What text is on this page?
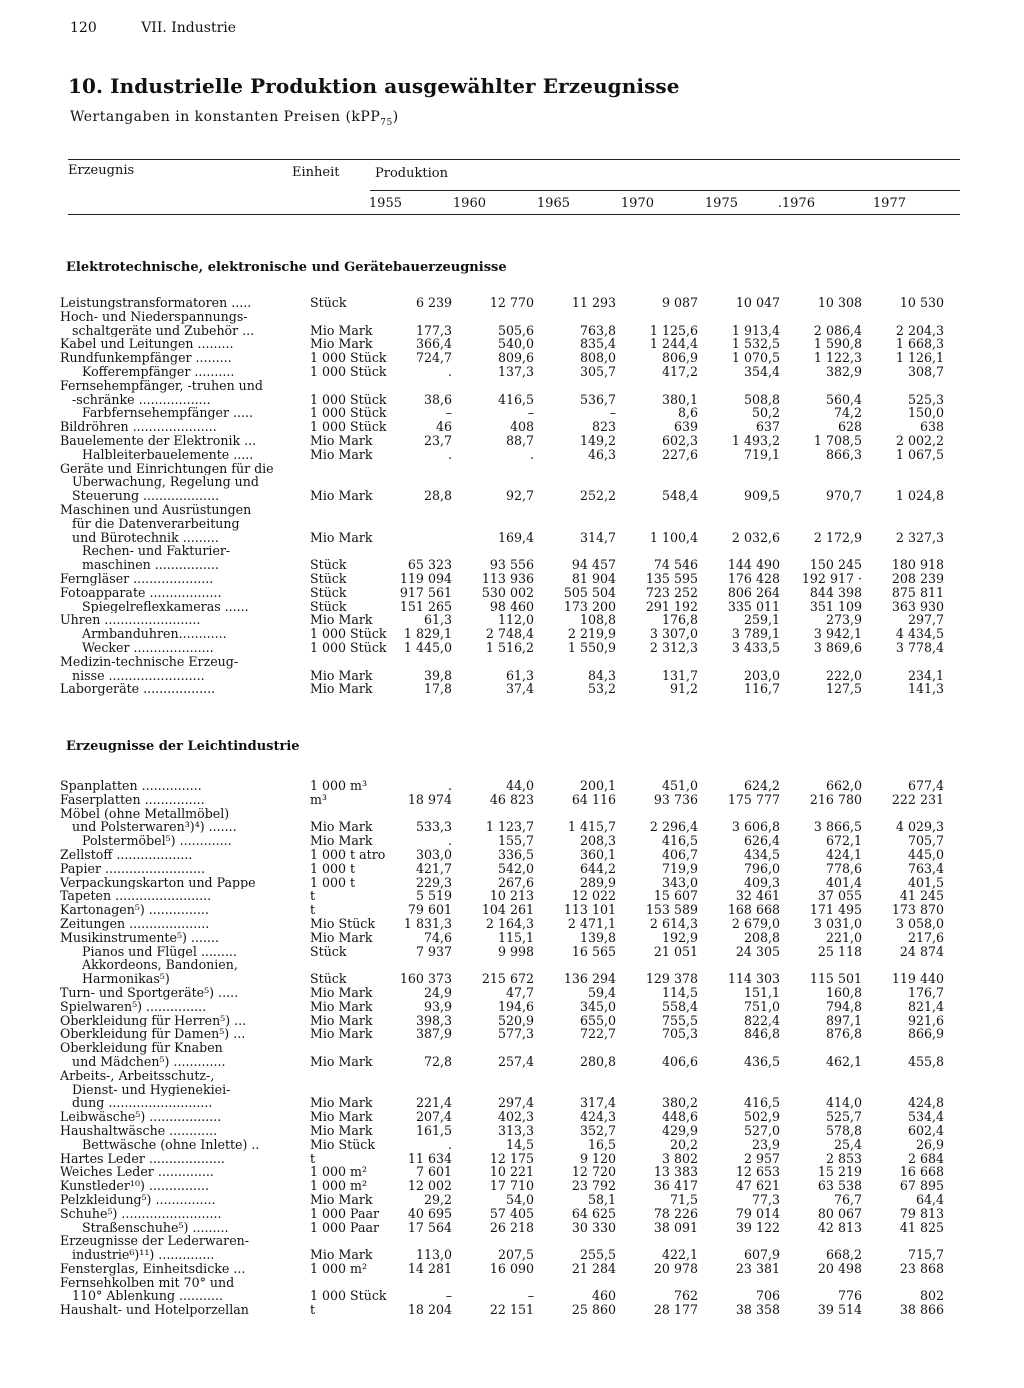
120	VII. Industrie
10. Industrielle Produktion ausgewählter Erzeugnisse
Wertangaben in konstanten Preisen (kPP$_{75}$)
Erzeugnis	Einheit	Produktion
1955	1960	1965	1970	1975	.1976	1977
Elektrotechnische, elektronische und Gerätebauerzeugnisse
Leistungstransformatoren .....	Stück	6 239	12 770	11 293	9 087	10 047	10 308	10 530
Hoch- und Niederspannungs-								
schaltgeräte und Zubehör ...	Mio Mark	177,3	505,6	763,8	1 125,6	1 913,4	2 086,4	2 204,3
Kabel und Leitungen .........	Mio Mark	366,4	540,0	835,4	1 244,4	1 532,5	1 590,8	1 668,3
Rundfunkempfänger .........	1 000 Stück	724,7	809,6	808,0	806,9	1 070,5	1 122,3	1 126,1
Kofferempfänger ..........	1 000 Stück	.	137,3	305,7	417,2	354,4	382,9	308,7
Fernsehempfänger, -truhen und								
-schränke ..................	1 000 Stück	38,6	416,5	536,7	380,1	508,8	560,4	525,3
Farbfernsehempfänger .....	1 000 Stück	–	–	–	8,6	50,2	74,2	150,0
Bildröhren .....................	1 000 Stück	46	408	823	639	637	628	638
Bauelemente der Elektronik ...	Mio Mark	23,7	88,7	149,2	602,3	1 493,2	1 708,5	2 002,2
Halbleiterbauelemente .....	Mio Mark	.	.	46,3	227,6	719,1	866,3	1 067,5
Geräte und Einrichtungen für die								
Überwachung, Regelung und								
Steuerung ...................	Mio Mark	28,8	92,7	252,2	548,4	909,5	970,7	1 024,8
Maschinen und Ausrüstungen								
für die Datenverarbeitung								
und Bürotechnik .........	Mio Mark		169,4	314,7	1 100,4	2 032,6	2 172,9	2 327,3
Rechen- und Fakturier-								
maschinen ................	Stück	65 323	93 556	94 457	74 546	144 490	150 245	180 918
Ferngläser ....................	Stück	119 094	113 936	81 904	135 595	176 428	192 917 ·	208 239
Fotoapparate ..................	Stück	917 561	530 002	505 504	723 252	806 264	844 398	875 811
Spiegelreflexkameras ......	Stück	151 265	98 460	173 200	291 192	335 011	351 109	363 930
Uhren ........................	Mio Mark	61,3	112,0	108,8	176,8	259,1	273,9	297,7
Armbanduhren............	1 000 Stück	1 829,1	2 748,4	2 219,9	3 307,0	3 789,1	3 942,1	4 434,5
Wecker ....................	1 000 Stück	1 445,0	1 516,2	1 550,9	2 312,3	3 433,5	3 869,6	3 778,4
Medizin-technische Erzeug-								
nisse ........................	Mio Mark	39,8	61,3	84,3	131,7	203,0	222,0	234,1
Laborgeräte ..................	Mio Mark	17,8	37,4	53,2	91,2	116,7	127,5	141,3
Erzeugnisse der Leichtindustrie
Spanplatten ...............	1 000 m³	.	44,0	200,1	451,0	624,2	662,0	677,4
Faserplatten ...............	m³	18 974	46 823	64 116	93 736	175 777	216 780	222 231
Möbel (ohne Metallmöbel)								
und Polsterwaren³)⁴) .......	Mio Mark	533,3	1 123,7	1 415,7	2 296,4	3 606,8	3 866,5	4 029,3
Polstermöbel⁵) .............	Mio Mark	.	155,7	208,3	416,5	626,4	672,1	705,7
Zellstoff ...................	1 000 t atro	303,0	336,5	360,1	406,7	434,5	424,1	445,0
Papier .........................	1 000 t	421,7	542,0	644,2	719,9	796,0	778,6	763,4
Verpackungskarton und Pappe	1 000 t	229,3	267,6	289,9	343,0	409,3	401,4	401,5
Tapeten ........................	t	5 519	10 213	12 022	15 607	32 461	37 055	41 245
Kartonagen⁵) ...............	t	79 601	104 261	113 101	153 589	168 668	171 495	173 870
Zeitungen ....................	Mio Stück	1 831,3	2 164,3	2 471,1	2 614,3	2 679,0	3 031,0	3 058,0
Musikinstrumente⁵) .......	Mio Mark	74,6	115,1	139,8	192,9	208,8	221,0	217,6
Pianos und Flügel .........	Stück	7 937	9 998	16 565	21 051	24 305	25 118	24 874
Akkordeons, Bandonien,								
Harmonikas⁵)	Stück	160 373	215 672	136 294	129 378	114 303	115 501	119 440
Turn- und Sportgeräte⁵) .....	Mio Mark	24,9	47,7	59,4	114,5	151,1	160,8	176,7
Spielwaren⁵) ...............	Mio Mark	93,9	194,6	345,0	558,4	751,0	794,8	821,4
Oberkleidung für Herren⁵) ...	Mio Mark	398,3	520,9	655,0	755,5	822,4	897,1	921,6
Oberkleidung für Damen⁵) ...	Mio Mark	387,9	577,3	722,7	705,3	846,8	876,8	866,9
Oberkleidung für Knaben								
und Mädchen⁵) .............	Mio Mark	72,8	257,4	280,8	406,6	436,5	462,1	455,8
Arbeits-, Arbeitsschutz-,								
Dienst- und Hygienekiei-								
dung ..........................	Mio Mark	221,4	297,4	317,4	380,2	416,5	414,0	424,8
Leibwäsche⁵) ..................	Mio Mark	207,4	402,3	424,3	448,6	502,9	525,7	534,4
Haushaltwäsche ............	Mio Mark	161,5	313,3	352,7	429,9	527,0	578,8	602,4
Bettwäsche (ohne Inlette) ..	Mio Stück	.	14,5	16,5	20,2	23,9	25,4	26,9
Hartes Leder ...................	t	11 634	12 175	9 120	3 802	2 957	2 853	2 684
Weiches Leder ..............	1 000 m²	7 601	10 221	12 720	13 383	12 653	15 219	16 668
Kunstleder¹⁰) ...............	1 000 m²	12 002	17 710	23 792	36 417	47 621	63 538	67 895
Pelzkleidung⁵) ...............	Mio Mark	29,2	54,0	58,1	71,5	77,3	76,7	64,4
Schuhe⁵) .........................	1 000 Paar	40 695	57 405	64 625	78 226	79 014	80 067	79 813
Straßenschuhe⁵) .........	1 000 Paar	17 564	26 218	30 330	38 091	39 122	42 813	41 825
Erzeugnisse der Lederwaren-								
industrie⁶)¹¹) ..............	Mio Mark	113,0	207,5	255,5	422,1	607,9	668,2	715,7
Fensterglas, Einheitsdicke ...	1 000 m²	14 281	16 090	21 284	20 978	23 381	20 498	23 868
Fernsehkolben mit 70° und								
110° Ablenkung ...........	1 000 Stück	–	–	460	762	706	776	802
Haushalt- und Hotelporzellan	t	18 204	22 151	25 860	28 177	38 358	39 514	38 866
